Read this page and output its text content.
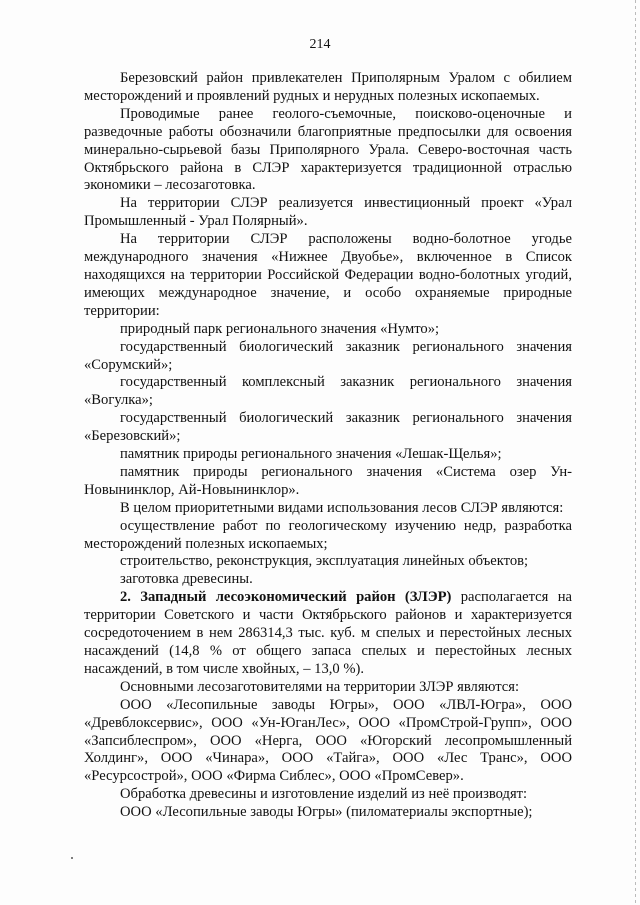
214

Березовский район привлекателен Приполярным Уралом с обилием месторождений и проявлений рудных и нерудных полезных ископаемых.

Проводимые ранее геолого-съемочные, поисково-оценочные и разведочные работы обозначили благоприятные предпосылки для освоения минерально-сырьевой базы Приполярного Урала. Северо-восточная часть Октябрьского района в СЛЭР характеризуется традиционной отраслью экономики – лесозаготовка.

На территории СЛЭР реализуется инвестиционный проект «Урал Промышленный - Урал Полярный».

На территории СЛЭР расположены водно-болотное угодье международного значения «Нижнее Двуобье», включенное в Список находящихся на территории Российской Федерации водно-болотных угодий, имеющих международное значение, и особо охраняемые природные территории:

природный парк регионального значения «Нумто»;

государственный биологический заказник регионального значения «Сорумский»;

государственный комплексный заказник регионального значения «Вогулка»;

государственный биологический заказник регионального значения «Березовский»;

памятник природы регионального значения «Лешак-Щелья»;

памятник природы регионального значения «Система озер Ун-Новынинклор, Ай-Новынинклор».

В целом приоритетными видами использования лесов СЛЭР являются:

осуществление работ по геологическому изучению недр, разработка месторождений полезных ископаемых;

строительство, реконструкция, эксплуатация линейных объектов;

заготовка древесины.

2. Западный лесоэкономический район (ЗЛЭР) располагается на территории Советского и части Октябрьского районов и характеризуется сосредоточением в нем 286314,3 тыс. куб. м спелых и перестойных лесных насаждений (14,8 % от общего запаса спелых и перестойных лесных насаждений, в том числе хвойных, – 13,0 %).

Основными лесозаготовителями на территории ЗЛЭР являются:

ООО «Лесопильные заводы Югры», ООО «ЛВЛ-Югра», ООО «Древблоксервис», ООО «Ун-ЮганЛес», ООО «ПромСтрой-Групп», ООО «Запсиблеспром», ООО «Нерга, ООО «Югорский лесопромышленный Холдинг», ООО «Чинара», ООО «Тайга», ООО «Лес Транс», ООО «Ресурсострой», ООО «Фирма Сиблес», ООО «ПромСевер».

Обработка древесины и изготовление изделий из неё производят:

ООО «Лесопильные заводы Югры» (пиломатериалы экспортные);
